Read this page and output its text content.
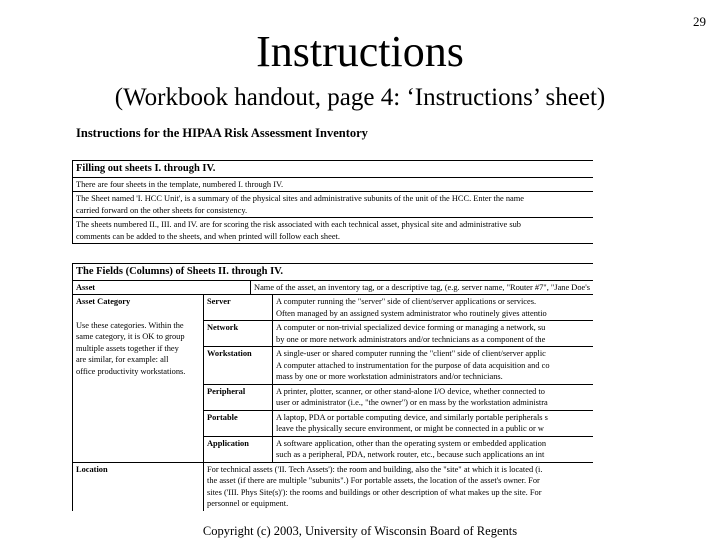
29
Instructions
(Workbook handout, page 4: ‘Instructions’ sheet)
Instructions for the HIPAA Risk Assessment Inventory
Filling out sheets I. through IV.
There are four sheets in the template, numbered I. through IV.
The Sheet named 'I. HCC Unit', is a summary of the physical sites and administrative subunits of the unit of the HCC. Enter the name
carried forward on the other sheets for consistency.
The sheets numbered II., III. and IV. are for scoring the risk associated with each technical asset, physical site and administrative sub
comments can be added to the sheets, and when printed will follow each sheet.
The Fields (Columns) of Sheets II. through IV.
Asset	Name of the asset, an inventory tag, or a descriptive tag, (e.g. server name, "Router #7", "Jane Doe's
Asset Category
Use these categories. Within the
same category, it is OK to group
multiple assets together if they
are similar, for example: all
office productivity workstations.
Server	A computer running the "server" side of client/server applications or services.
Often managed by an assigned system administrator who routinely gives attentio
Network	A computer or non-trivial specialized device forming or managing a network, su
by one or more network administrators and/or technicians as a component of the
Workstation	A single-user or shared computer running the "client" side of client/server applic
A computer attached to instrumentation for the purpose of data acquisition and co
mass by one or more workstation administrators and/or technicians.
Peripheral	A printer, plotter, scanner, or other stand-alone I/O device, whether connected to
user or administrator (i.e., "the owner") or en mass by the workstation administra
Portable	A laptop, PDA or portable computing device, and similarly portable peripherals s
leave the physically secure environment, or might be connected in a public or w
Application	A software application, other than the operating system or embedded application
such as a peripheral, PDA, network router, etc., because such applications an int
Location	For technical assets ('II. Tech Assets'): the room and building, also the "site" at which it is located (i.
the asset (if there are multiple "subunits".) For portable assets, the location of the asset's owner. For
sites ('III. Phys Site(s)'): the rooms and buildings or other description of what makes up the site. For
personnel or equipment.
Copyright (c) 2003, University of Wisconsin Board of Regents
